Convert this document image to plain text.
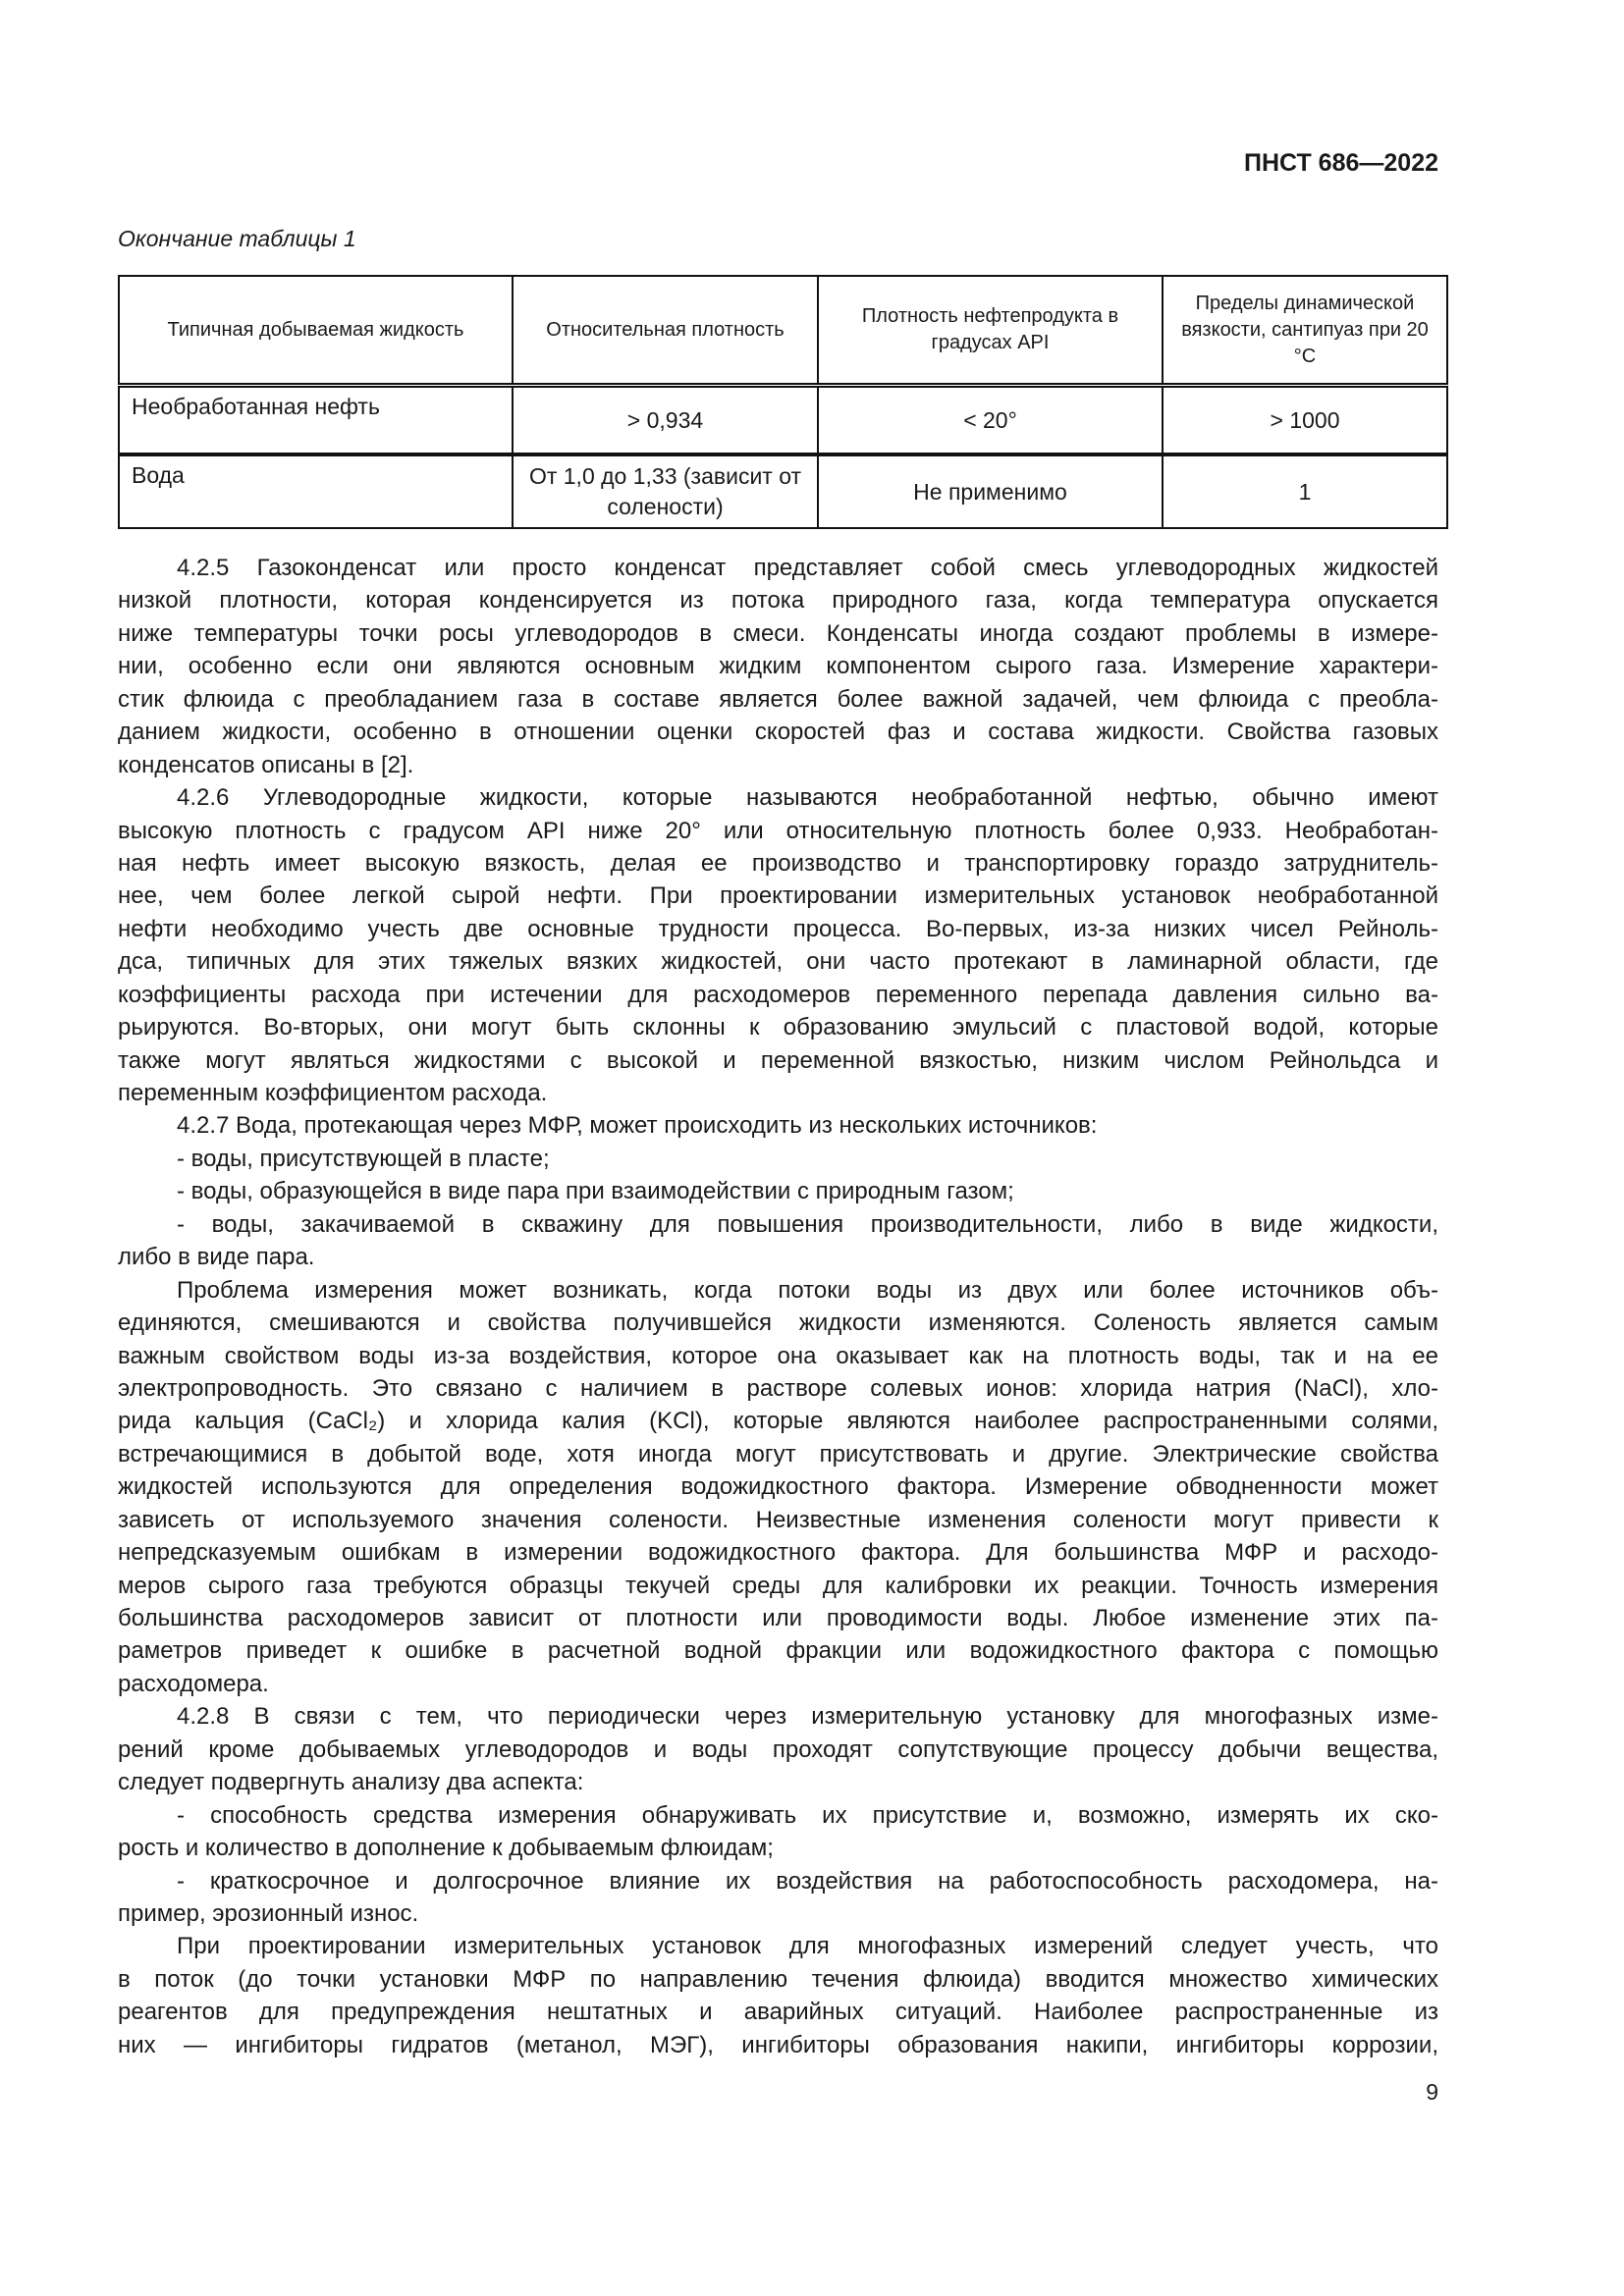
ПНСТ 686—2022
Окончание таблицы 1
Типичная добываемая жидкость	Относительная плотность	Плотность нефтепродукта в градусах API	Пределы динамической вязкости, сантипуаз при 20 °C
Необработанная нефть	> 0,934	< 20°	> 1000
Вода	От 1,0 до 1,33 (зависит от солености)	Не применимо	1
4.2.5 Газоконденсат или просто конденсат представляет собой смесь углеводородных жидкостей
низкой плотности, которая конденсируется из потока природного газа, когда температура опускается
ниже температуры точки росы углеводородов в смеси. Конденсаты иногда создают проблемы в измере-
нии, особенно если они являются основным жидким компонентом сырого газа. Измерение характери-
стик флюида с преобладанием газа в составе является более важной задачей, чем флюида с преобла-
данием жидкости, особенно в отношении оценки скоростей фаз и состава жидкости. Свойства газовых
конденсатов описаны в [2].
4.2.6 Углеводородные жидкости, которые называются необработанной нефтью, обычно имеют
высокую плотность с градусом API ниже 20° или относительную плотность более 0,933. Необработан-
ная нефть имеет высокую вязкость, делая ее производство и транспортировку гораздо затруднитель-
нее, чем более легкой сырой нефти. При проектировании измерительных установок необработанной
нефти необходимо учесть две основные трудности процесса. Во-первых, из-за низких чисел Рейноль-
дса, типичных для этих тяжелых вязких жидкостей, они часто протекают в ламинарной области, где
коэффициенты расхода при истечении для расходомеров переменного перепада давления сильно ва-
рьируются. Во-вторых, они могут быть склонны к образованию эмульсий с пластовой водой, которые
также могут являться жидкостями с высокой и переменной вязкостью, низким числом Рейнольдса и
переменным коэффициентом расхода.
4.2.7 Вода, протекающая через МФР, может происходить из нескольких источников:
- воды, присутствующей в пласте;
- воды, образующейся в виде пара при взаимодействии с природным газом;
- воды, закачиваемой в скважину для повышения производительности, либо в виде жидкости,
либо в виде пара.
Проблема измерения может возникать, когда потоки воды из двух или более источников объ-
единяются, смешиваются и свойства получившейся жидкости изменяются. Соленость является самым
важным свойством воды из-за воздействия, которое она оказывает как на плотность воды, так и на ее
электропроводность. Это связано с наличием в растворе солевых ионов: хлорида натрия (NaCl), хло-
рида кальция (CaCl₂) и хлорида калия (KCl), которые являются наиболее распространенными солями,
встречающимися в добытой воде, хотя иногда могут присутствовать и другие. Электрические свойства
жидкостей используются для определения водожидкостного фактора. Измерение обводненности может
зависеть от используемого значения солености. Неизвестные изменения солености могут привести к
непредсказуемым ошибкам в измерении водожидкостного фактора. Для большинства МФР и расходо-
меров сырого газа требуются образцы текучей среды для калибровки их реакции. Точность измерения
большинства расходомеров зависит от плотности или проводимости воды. Любое изменение этих па-
раметров приведет к ошибке в расчетной водной фракции или водожидкостного фактора с помощью
расходомера.
4.2.8 В связи с тем, что периодически через измерительную установку для многофазных изме-
рений кроме добываемых углеводородов и воды проходят сопутствующие процессу добычи вещества,
следует подвергнуть анализу два аспекта:
- способность средства измерения обнаруживать их присутствие и, возможно, измерять их ско-
рость и количество в дополнение к добываемым флюидам;
- краткосрочное и долгосрочное влияние их воздействия на работоспособность расходомера, на-
пример, эрозионный износ.
При проектировании измерительных установок для многофазных измерений следует учесть, что
в поток (до точки установки МФР по направлению течения флюида) вводится множество химических
реагентов для предупреждения нештатных и аварийных ситуаций. Наиболее распространенные из
них — ингибиторы гидратов (метанол, МЭГ), ингибиторы образования накипи, ингибиторы коррозии,
9
